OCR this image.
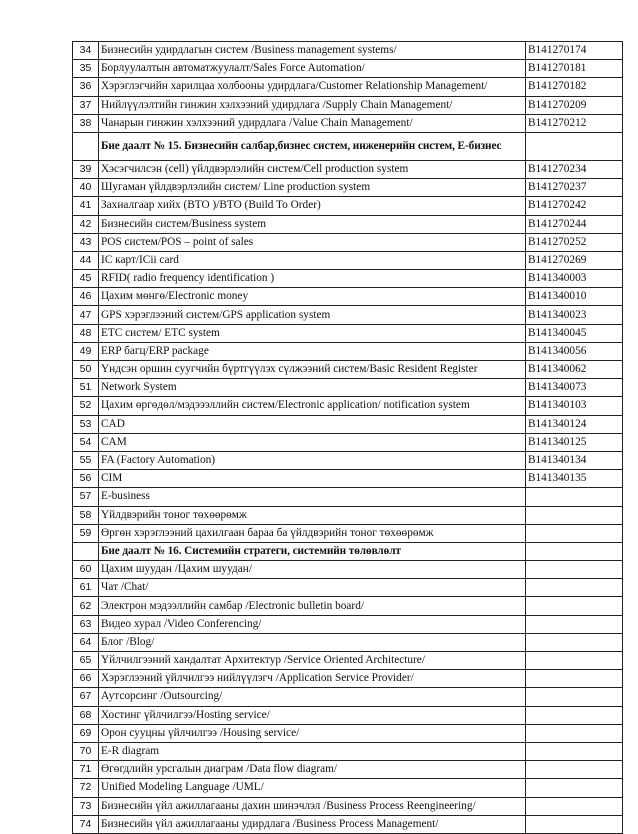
34	Бизнесийн удирдлагын систем /Business management systems/	B141270174
35	Борлуулалтын автоматжуулалт/Sales Force Automation/	B141270181
36	Хэрэглэгчийн харилцаа холбооны удирдлага/Customer Relationship Management/	B141270182
37	Нийлүүлэлтийн гинжин хэлхээний удирдлага /Supply Chain Management/	B141270209
38	Чанарын гинжин хэлхээний удирдлага /Value Chain Management/	B141270212
	Бие даалт № 15. Бизнесийн салбар,бизнес систем, инженерийн систем, E-бизнес	
39	Хэсэгчилсэн (cell) үйлдвэрлэлийн систем/Cell production system	B141270234
40	Шугаман үйлдвэрлэлийн систем/ Line production system	B141270237
41	Захиалгаар хийх (BTO )/BTO (Build To Order)	B141270242
42	Бизнесийн систем/Business system	B141270244
43	POS систем/POS – point of sales	B141270252
44	IC карт/ICii card	B141270269
45	RFID( radio frequency identification )	B141340003
46	Цахим мөнгө/Electronic money	B141340010
47	GPS хэрэглээний систем/GPS application system	B141340023
48	ETC систем/ ETC system	B141340045
49	ERP багц/ERP package	B141340056
50	Үндсэн оршин суугчийн бүртгүүлэх сүлжээний систем/Basic Resident Register	B141340062
51	Network System	B141340073
52	Цахим өргөдөл/мэдэээллийн систем/Electronic application/ notification system	B141340103
53	CAD	B141340124
54	CAM	B141340125
55	FA (Factory Automation)	B141340134
56	CIM	B141340135
57	E-business	
58	Үйлдвэрийн тоног төхөөрөмж	
59	Өргөн хэрэглээний цахилгаан бараа ба үйлдвэрийн тоног төхөөрөмж	
	Бие даалт № 16. Системийн стратеги, системийн төлөвлөлт	
60	Цахим шуудан /Цахим шуудан/	
61	Чат /Chat/	
62	Электрон мэдээллийн самбар /Electronic bulletin board/	
63	Видео хурал /Video Conferencing/	
64	Блог /Blog/	
65	Үйлчилгээний хандалтат Архитектур /Service Oriented Architecture/	
66	Хэрэглээний үйлчилгээ нийлүүлэгч /Application Service Provider/	
67	Аутсорсинг /Outsourcing/	
68	Хостинг үйлчилгээ/Hosting service/	
69	Орон сууцны үйлчилгээ /Housing service/	
70	E-R diagram	
71	Өгөгдлийн урсгалын диаграм /Data flow diagram/	
72	Unified Modeling Language /UML/	
73	Бизнесийн үйл ажиллагааны дахин шинэчлэл /Business Process Reengineering/	
74	Бизнесийн үйл ажиллагааны удирдлага /Business Process Management/	
